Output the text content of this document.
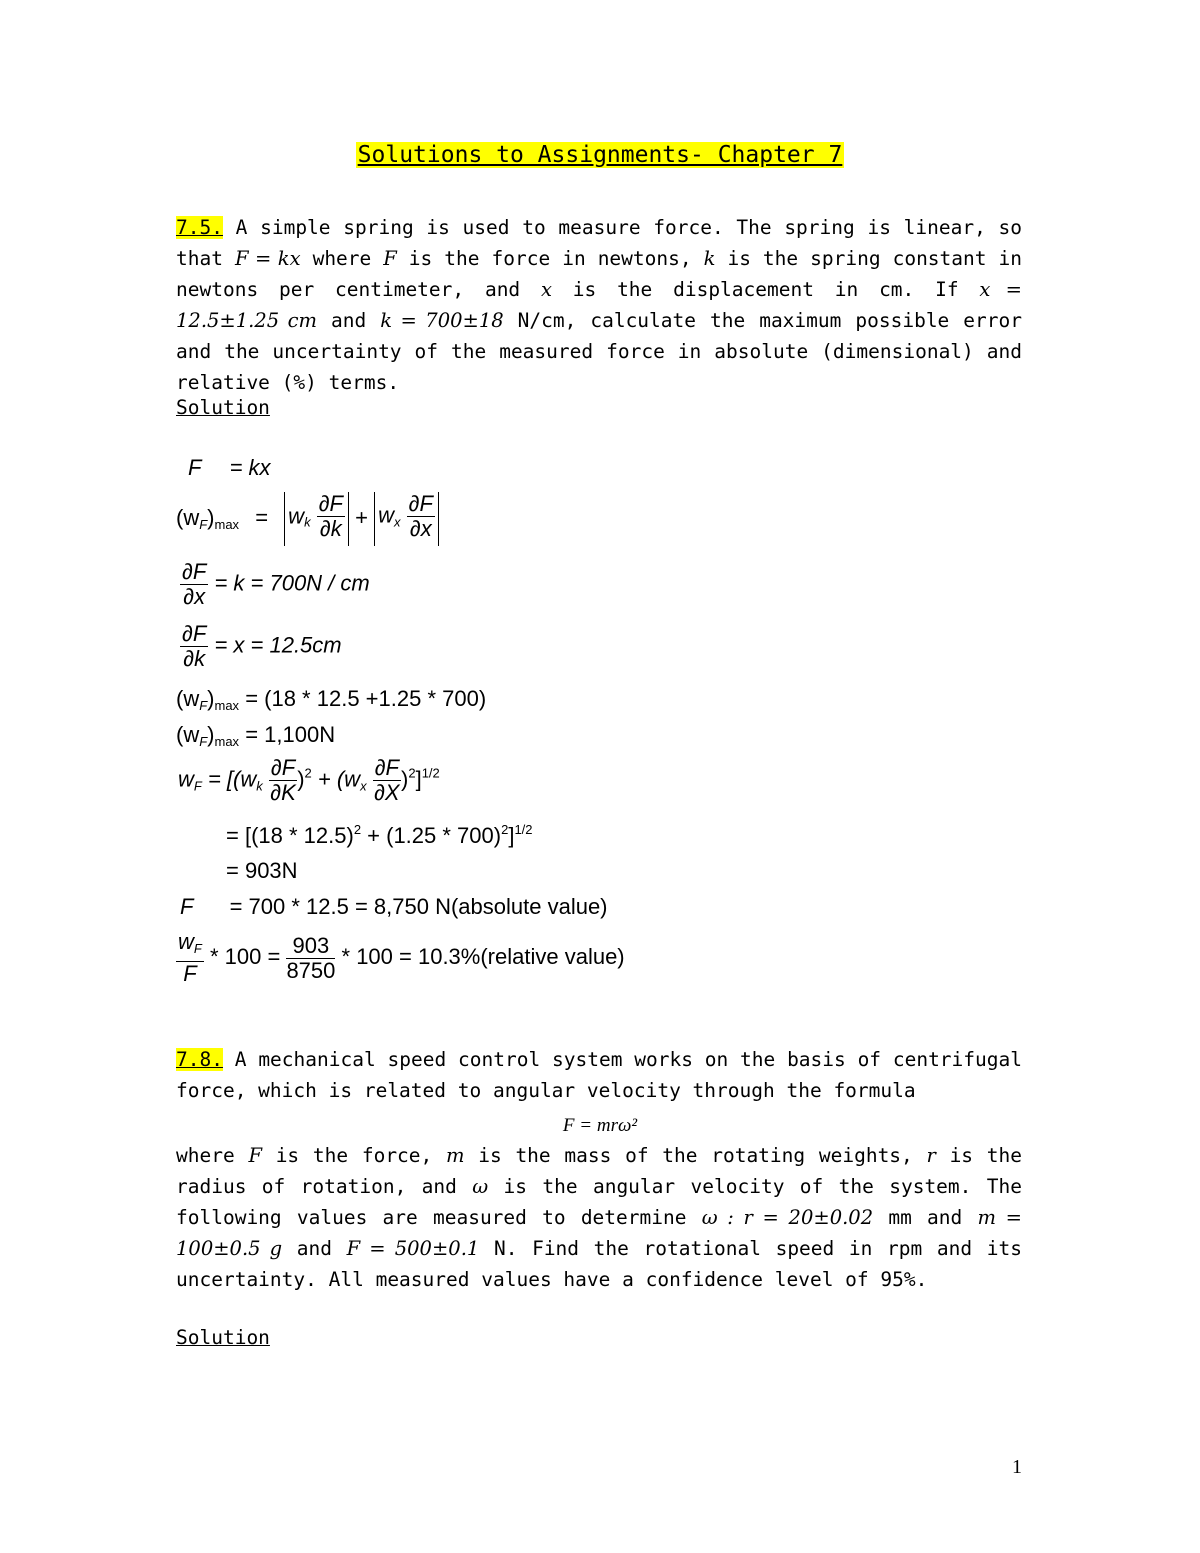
Solutions to Assignments- Chapter 7
7.5. A simple spring is used to measure force. The spring is linear, so that F = kx where F is the force in newtons, k is the spring constant in newtons per centimeter, and x is the displacement in cm. If x = 12.5±1.25 cm and k = 700±18 N/cm, calculate the maximum possible error and the uncertainty of the measured force in absolute (dimensional) and relative (%) terms.
Solution
F = kx
$(w_F)_{max} = w_k \frac{\partial F}{\partial k} + w_x \frac{\partial F}{\partial x}$
$\frac{\partial F}{\partial x} = k = 700N$ / cm
$\frac{\partial F}{\partial k} = x = 12.5cm$
$(w_F)_{max} = (18 * 12.5 +1.25 * 700)$
$(w_F)_{max} = 1,100N$
$w_F = [(w_k \frac{\partial F}{\partial K} )^2 + (w_x \frac{\partial F}{\partial X} )^2]^{1/2}$
= $[(18 * 12.5)^2 + (1.25 * 700)^2]^{1/2}$
= 903N
F = 700 * 12.5 = 8,750 N(absolute value)
$\frac{w_F}{F} * 100 = \frac{903}{8750} * 100$ = 10.3%(relative value)
7.8. A mechanical speed control system works on the basis of centrifugal force, which is related to angular velocity through the formula
F = mrω²
where F is the force, m is the mass of the rotating weights, r is the radius of rotation, and ω is the angular velocity of the system. The following values are measured to determine ω : r = 20±0.02 mm and m = 100±0.5 g and F = 500±0.1 N. Find the rotational speed in rpm and its uncertainty. All measured values have a confidence level of 95%.
Solution
1
